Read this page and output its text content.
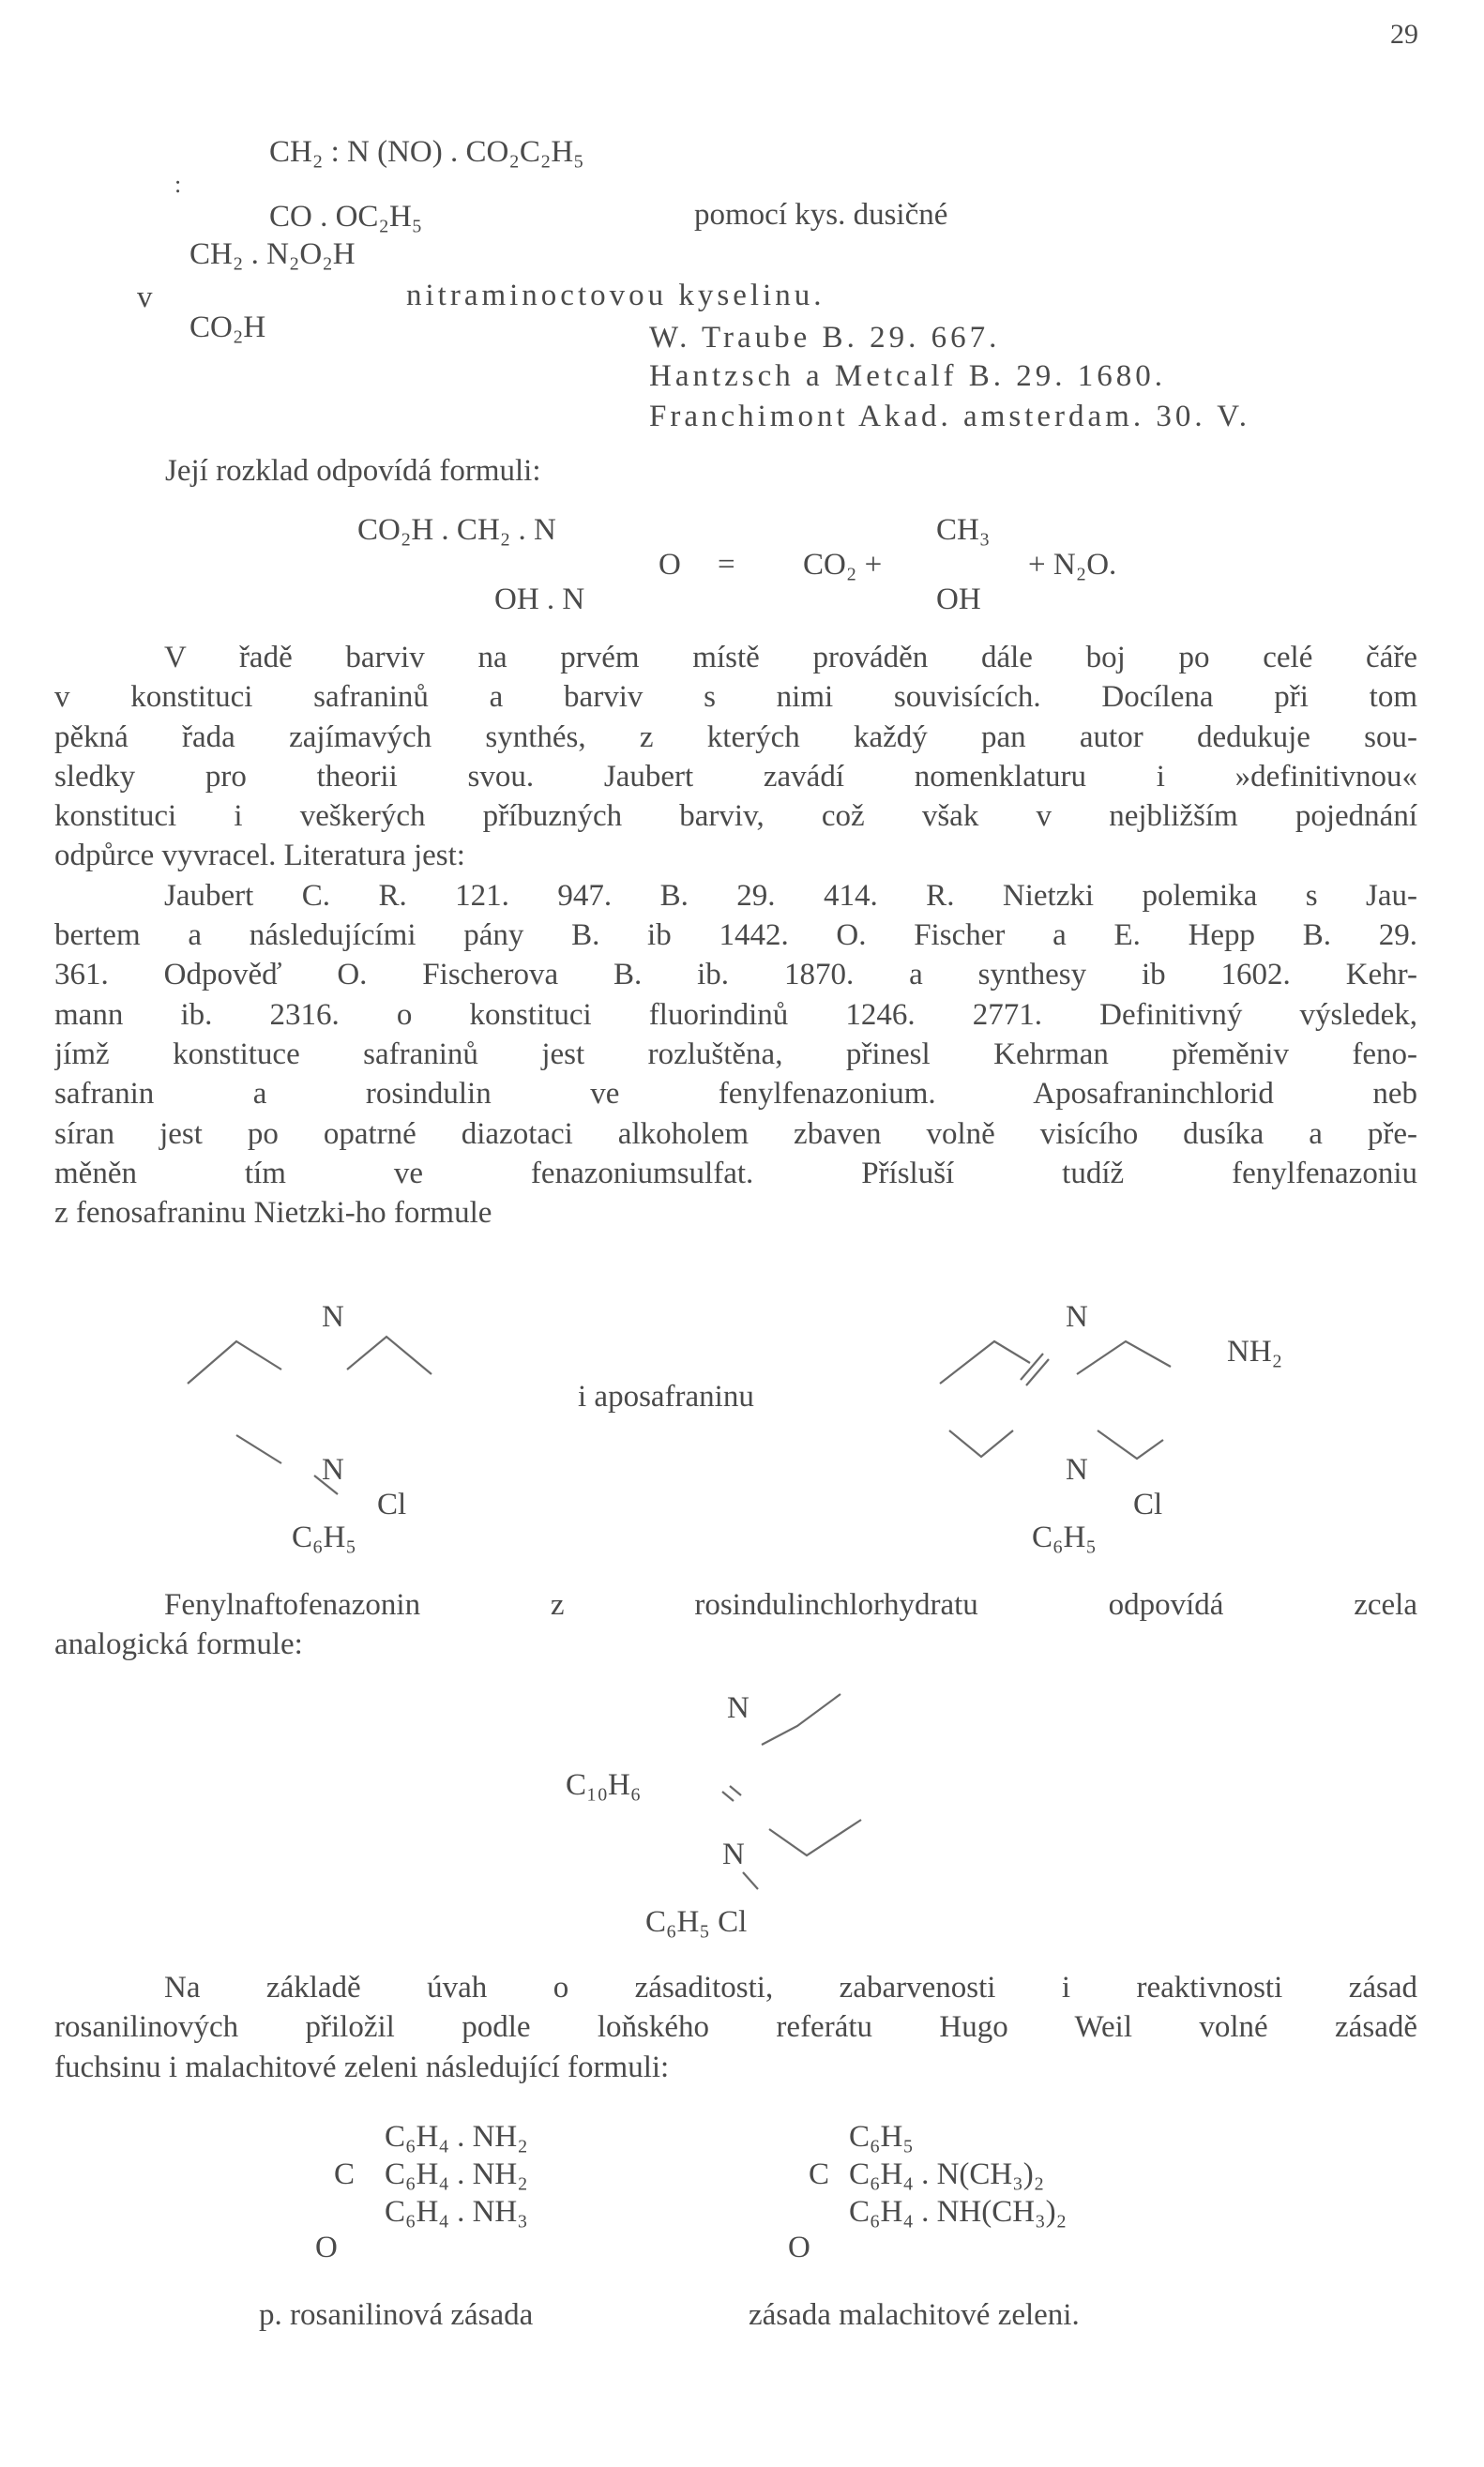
29
CH₂ : N (NO) . CO₂C₂H₅
:
CO . OC₂H₅	pomocí kys. dusičné
CH₂ . N₂O₂H
v
CO₂H
nitraminoctovou kyselinu.
W. Traube B. 29. 667.
Hantzsch a Metcalf B. 29. 1680.
Franchimont Akad. amsterdam. 30. V.
Její rozklad odpovídá formuli:
CO₂H . CH₂ . N
OH . N
O = CO₂ +
CH₃
OH
+ N₂O.
V řadě barviv na prvém místě prováděn dále boj po celé čáře
v konstituci safraninů a barviv s nimi souvisících. Docílena při tom
pěkná řada zajímavých synthés, z kterých každý pan autor dedukuje sou-
sledky pro theorii svou. Jaubert zavádí nomenklaturu i »definitivnou«
konstituci i veškerých příbuzných barviv, což však v nejbližším pojednání
odpůrce vyvracel. Literatura jest:
Jaubert C. R. 121. 947. B. 29. 414. R. Nietzki polemika s Jau-
bertem a následujícími pány B. ib 1442. O. Fischer a E. Hepp B. 29.
361. Odpověď O. Fischerova B. ib. 1870. a synthesy ib 1602. Kehr-
mann ib. 2316. o konstituci fluorindinů 1246. 2771. Definitivný výsledek,
jímž konstituce safraninů jest rozluštěna, přinesl Kehrman přeměniv feno-
safranin a rosindulin ve fenylfenazonium. Aposafraninchlorid neb
síran jest po opatrné diazotaci alkoholem zbaven volně visícího dusíka a pře-
měněn tím ve fenazoniumsulfat. Přísluší tudíž fenylfenazoniu
z fenosafraninu Nietzki-ho formule
N
N
Cl
C₆H₅
i aposafraninu
N
NH₂
N
Cl
C₆H₅
Fenylnaftofenazonin z rosindulinchlorhydratu odpovídá zcela
analogická formule:
N
C₁₀H₆
N
C₆H₅ Cl
Na základě úvah o zásaditosti, zabarvenosti i reaktivnosti zásad
rosanilinových přiložil podle loňského referátu Hugo Weil volné zásadě
fuchsinu i malachitové zeleni následující formuli:
C₆H₄ . NH₂
C C₆H₄ . NH₂
C₆H₄ . NH₃
O
p. rosanilinová zásada
C₆H₅
C C₆H₄ . N(CH₃)₂
C₆H₄ . NH(CH₃)₂
O
zásada malachitové zeleni.
